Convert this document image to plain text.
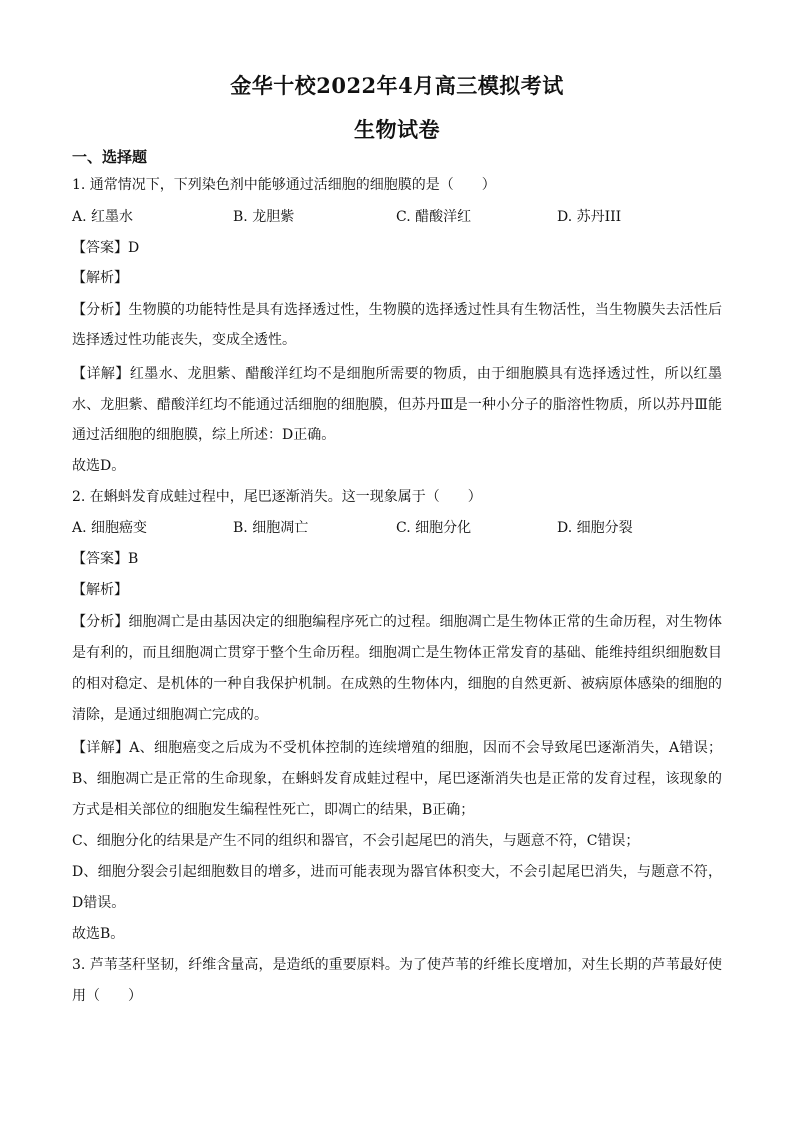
金华十校2022年4月高三模拟考试
生物试卷
一、选择题
1. 通常情况下，下列染色剂中能够通过活细胞的细胞膜的是（　　）
A. 红墨水	B. 龙胆紫	C. 醋酸洋红	D. 苏丹III
【答案】D
【解析】
【分析】生物膜的功能特性是具有选择透过性，生物膜的选择透过性具有生物活性，当生物膜失去活性后
选择透过性功能丧失，变成全透性。
【详解】红墨水、龙胆紫、醋酸洋红均不是细胞所需要的物质，由于细胞膜具有选择透过性，所以红墨
水、龙胆紫、醋酸洋红均不能通过活细胞的细胞膜，但苏丹Ⅲ是一种小分子的脂溶性物质，所以苏丹Ⅲ能
通过活细胞的细胞膜，综上所述：D正确。
故选D。
2. 在蝌蚪发育成蛙过程中，尾巴逐渐消失。这一现象属于（　　）
A. 细胞癌变	B. 细胞凋亡	C. 细胞分化	D. 细胞分裂
【答案】B
【解析】
【分析】细胞凋亡是由基因决定的细胞编程序死亡的过程。细胞凋亡是生物体正常的生命历程，对生物体
是有利的，而且细胞凋亡贯穿于整个生命历程。细胞凋亡是生物体正常发育的基础、能维持组织细胞数目
的相对稳定、是机体的一种自我保护机制。在成熟的生物体内，细胞的自然更新、被病原体感染的细胞的
清除，是通过细胞凋亡完成的。
【详解】A、细胞癌变之后成为不受机体控制的连续增殖的细胞，因而不会导致尾巴逐渐消失，A错误；
B、细胞凋亡是正常的生命现象，在蝌蚪发育成蛙过程中，尾巴逐渐消失也是正常的发育过程，该现象的
方式是相关部位的细胞发生编程性死亡，即凋亡的结果，B正确；
C、细胞分化的结果是产生不同的组织和器官，不会引起尾巴的消失，与题意不符，C错误；
D、细胞分裂会引起细胞数目的增多，进而可能表现为器官体积变大，不会引起尾巴消失，与题意不符，
D错误。
故选B。
3. 芦苇茎秆坚韧，纤维含量高，是造纸的重要原料。为了使芦苇的纤维长度增加，对生长期的芦苇最好使
用（　　）
